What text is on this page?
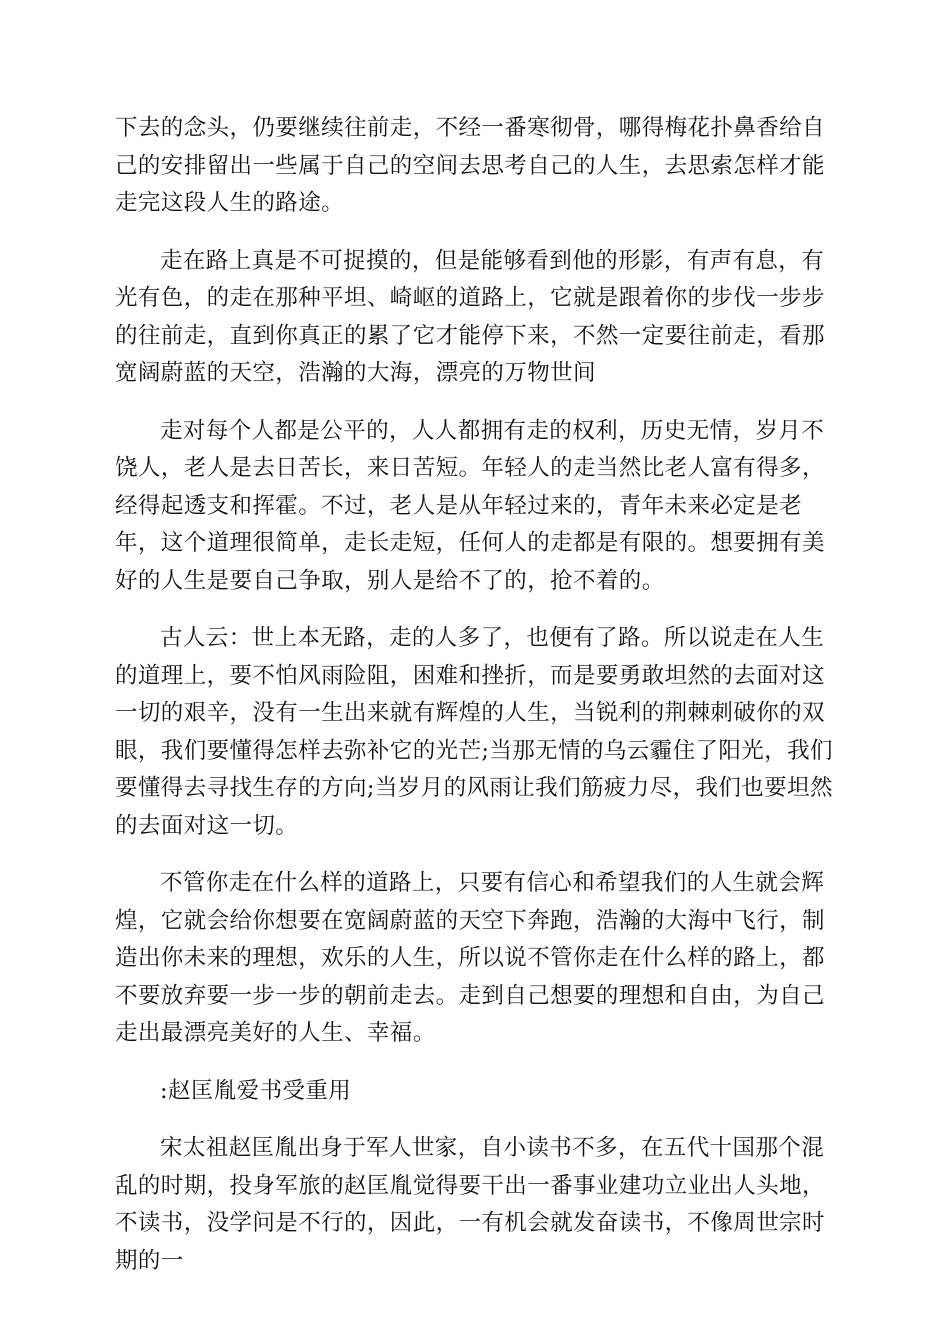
下去的念头，仍要继续往前走，不经一番寒彻骨，哪得梅花扑鼻香给自己的安排留出一些属于自己的空间去思考自己的人生，去思索怎样才能走完这段人生的路途。

走在路上真是不可捉摸的，但是能够看到他的形影，有声有息，有光有色，的走在那种平坦、崎岖的道路上，它就是跟着你的步伐一步步的往前走，直到你真正的累了它才能停下来，不然一定要往前走，看那宽阔蔚蓝的天空，浩瀚的大海，漂亮的万物世间

走对每个人都是公平的，人人都拥有走的权利，历史无情，岁月不饶人，老人是去日苦长，来日苦短。年轻人的走当然比老人富有得多，经得起透支和挥霍。不过，老人是从年轻过来的，青年未来必定是老年，这个道理很简单，走长走短，任何人的走都是有限的。想要拥有美好的人生是要自己争取，别人是给不了的，抢不着的。

古人云：世上本无路，走的人多了，也便有了路。所以说走在人生的道理上，要不怕风雨险阻，困难和挫折，而是要勇敢坦然的去面对这一切的艰辛，没有一生出来就有辉煌的人生，当锐利的荆棘刺破你的双眼，我们要懂得怎样去弥补它的光芒;当那无情的乌云霾住了阳光，我们要懂得去寻找生存的方向;当岁月的风雨让我们筋疲力尽，我们也要坦然的去面对这一切。

不管你走在什么样的道路上，只要有信心和希望我们的人生就会辉煌，它就会给你想要在宽阔蔚蓝的天空下奔跑，浩瀚的大海中飞行，制造出你未来的理想，欢乐的人生，所以说不管你走在什么样的路上，都不要放弃要一步一步的朝前走去。走到自己想要的理想和自由，为自己走出最漂亮美好的人生、幸福。

:赵匡胤爱书受重用

宋太祖赵匡胤出身于军人世家，自小读书不多，在五代十国那个混乱的时期，投身军旅的赵匡胤觉得要干出一番事业建功立业出人头地，不读书，没学问是不行的，因此，一有机会就发奋读书，不像周世宗时期的一
